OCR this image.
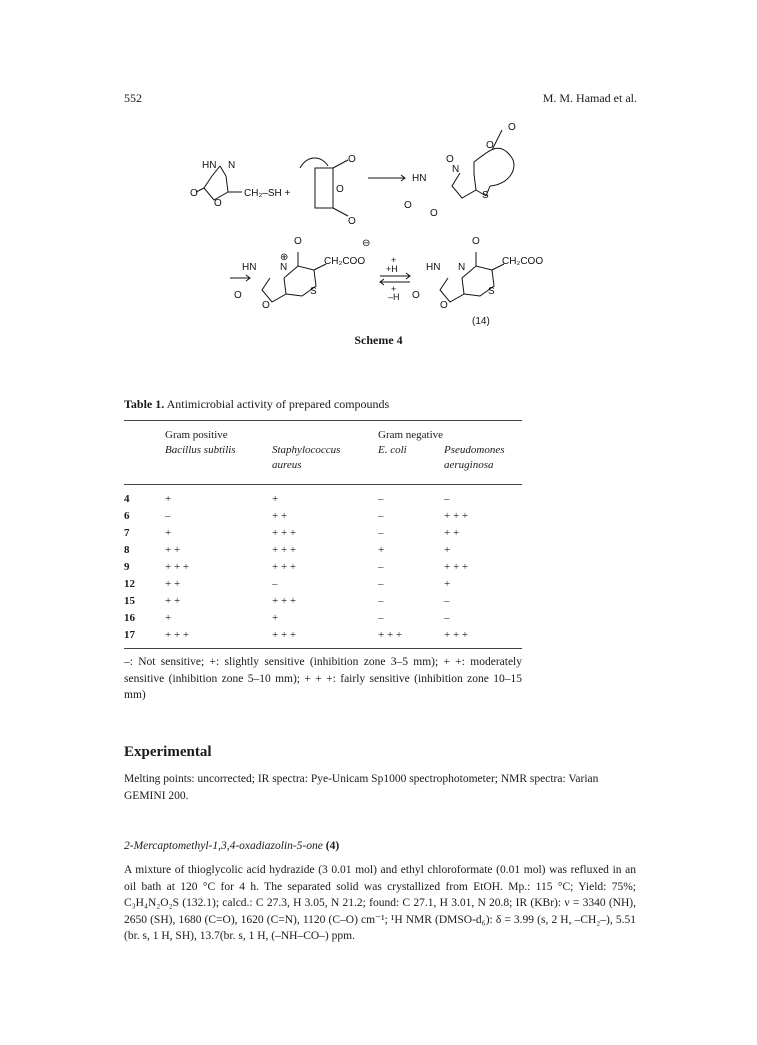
552	M. M. Hamad et al.
HN N
O
O
CH₂–SH +
O
O
O
O
O
O
HN
N
S
O
O
⊕
⊖
O
HN N
CH₂COO
S
O
O
+
+H
+
–H
O
HN N
CH₂COO
S
O
O
(14)
Scheme 4
Table 1. Antimicrobial activity of prepared compounds
Gram positive	Gram negative
Bacillus subtilis	Staphylococcus
aureus
E. coli	Pseudomones
aeruginosa
4	+	+	–	–
6	–	+ +	–	+ + +
7	+	+ + +	–	+ +
8	+ +	+ + +	+	+
9	+ + +	+ + +	–	+ + +
12	+ +	–	–	+
15	+ +	+ + +	–	–
16	+	+	–	–
17	+ + +	+ + +	+ + +	+ + +
–: Not sensitive; +: slightly sensitive (inhibition zone 3–5 mm); + +: moderately sensitive (inhibition zone 5–10 mm); + + +: fairly sensitive (inhibition zone 10–15 mm)
Experimental
Melting points: uncorrected; IR spectra: Pye-Unicam Sp1000 spectrophotometer; NMR spectra: Varian GEMINI 200.
2-Mercaptomethyl-1,3,4-oxadiazolin-5-one (4)
A mixture of thioglycolic acid hydrazide (3 0.01 mol) and ethyl chloroformate (0.01 mol) was refluxed in an oil bath at 120 °C for 4 h. The separated solid was crystallized from EtOH. Mp.: 115 °C; Yield: 75%; C₃H₄N₂O₂S (132.1); calcd.: C 27.3, H 3.05, N 21.2; found: C 27.1, H 3.01, N 20.8; IR (KBr): ν = 3340 (NH), 2650 (SH), 1680 (C=O), 1620 (C=N), 1120 (C–O) cm⁻¹; ¹H NMR (DMSO-d₆): δ = 3.99 (s, 2 H, –CH₂–), 5.51 (br. s, 1 H, SH), 13.7(br. s, 1 H, (–NH–CO–) ppm.
